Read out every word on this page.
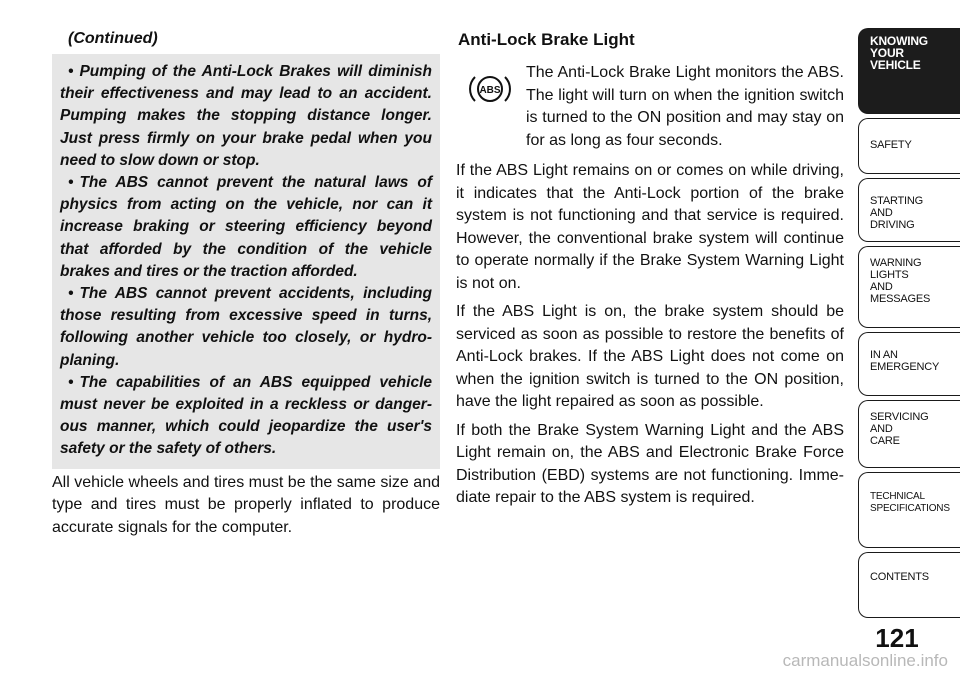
(Continued)

• Pumping of the Anti-Lock Brakes will diminish their effectiveness and may lead to an accident. Pumping makes the stopping distance longer. Just press firmly on your brake pedal when you need to slow down or stop.

• The ABS cannot prevent the natural laws of physics from acting on the vehicle, nor can it increase braking or steering efficiency beyond that afforded by the condition of the vehicle brakes and tires or the traction afforded.

• The ABS cannot prevent accidents, including those resulting from excessive speed in turns, following another vehicle too closely, or hydro-planing.

• The capabilities of an ABS equipped vehicle must never be exploited in a reckless or danger-ous manner, which could jeopardize the user's safety or the safety of others.

All vehicle wheels and tires must be the same size and type and tires must be properly inflated to produce accurate signals for the computer.

Anti-Lock Brake Light
ABS

The Anti-Lock Brake Light monitors the ABS. The light will turn on when the ignition switch is turned to the ON position and may stay on for as long as four seconds.

If the ABS Light remains on or comes on while driving, it indicates that the Anti-Lock portion of the brake system is not functioning and that service is required. However, the conventional brake system will continue to operate normally if the Brake System Warning Light is not on.

If the ABS Light is on, the brake system should be serviced as soon as possible to restore the benefits of Anti-Lock brakes. If the ABS Light does not come on when the ignition switch is turned to the ON position, have the light repaired as soon as possible.

If both the Brake System Warning Light and the ABS Light remain on, the ABS and Electronic Brake Force Distribution (EBD) systems are not functioning. Imme-diate repair to the ABS system is required.

KNOWING
YOUR
VEHICLE
SAFETY
STARTING
AND
DRIVING
WARNING
LIGHTS
AND
MESSAGES
IN AN
EMERGENCY
SERVICING
AND
CARE
TECHNICAL
SPECIFICATIONS
CONTENTS
121
carmanualsonline.info
